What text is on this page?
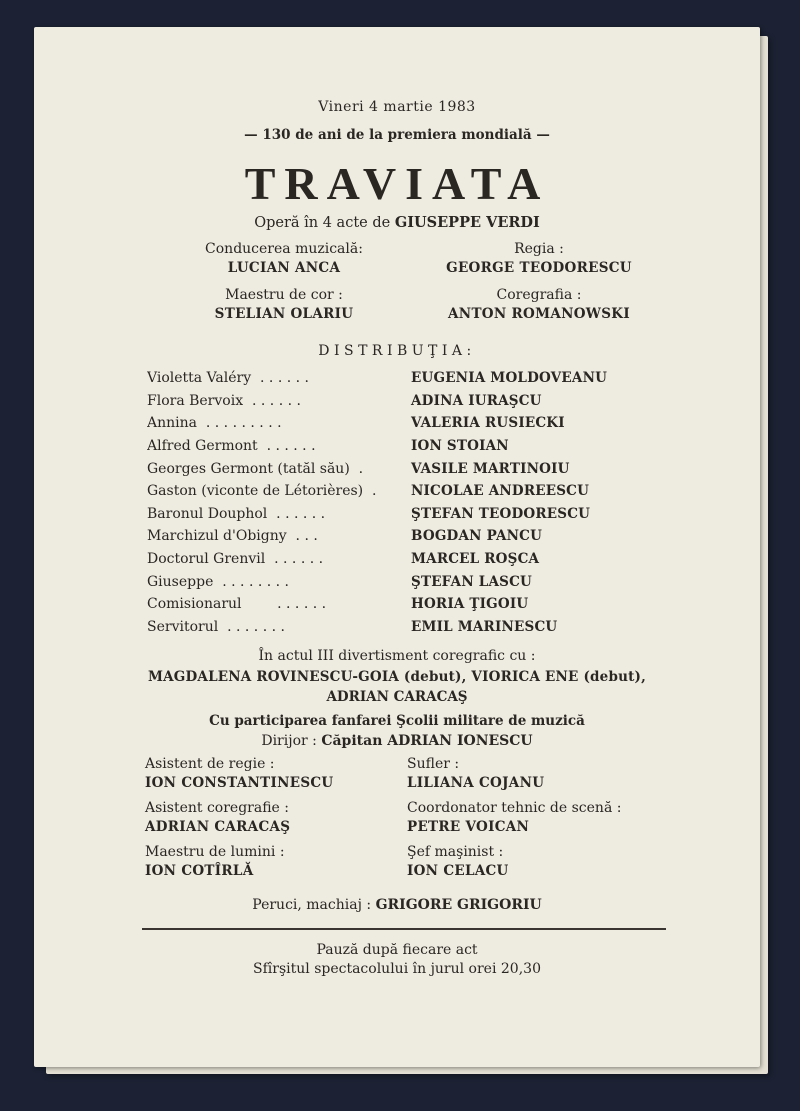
Vineri 4 martie 1983
— 130 de ani de la premiera mondială —
TRAVIATA
Operă în 4 acte de GIUSEPPE VERDI
Conducerea muzicală:
LUCIAN ANCA
Regia :
GEORGE TEODORESCU
Maestru de cor :
STELIAN OLARIU
Coregrafia :
ANTON ROMANOWSKI
DISTRIBUŢIA:
Violetta Valéry  . . . . . .	EUGENIA MOLDOVEANU
Flora Bervoix  . . . . . .	ADINA IURAŞCU
Annina  . . . . . . . . .	VALERIA RUSIECKI
Alfred Germont  . . . . . .	ION STOIAN
Georges Germont (tatăl său)  .	VASILE MARTINOIU
Gaston (viconte de Létorières)  .	NICOLAE ANDREESCU
Baronul Douphol  . . . . . .	ŞTEFAN TEODORESCU
Marchizul d'Obigny  . . .	BOGDAN PANCU
Doctorul Grenvil  . . . . . .	MARCEL ROŞCA
Giuseppe  . . . . . . . .	ŞTEFAN LASCU
Comisionarul        . . . . . .	HORIA ŢIGOIU
Servitorul  . . . . . . .	EMIL MARINESCU
În actul III divertisment coregrafic cu :
MAGDALENA ROVINESCU-GOIA (debut), VIORICA ENE (debut),
ADRIAN CARACAŞ
Cu participarea fanfarei Şcolii militare de muzică
Dirijor : Căpitan ADRIAN IONESCU
Asistent de regie :
ION CONSTANTINESCU
Sufler :
LILIANA COJANU
Asistent coregrafie :
ADRIAN CARACAŞ
Coordonator tehnic de scenă :
PETRE VOICAN
Maestru de lumini :
ION COTÎRLĂ
Şef maşinist :
ION CELACU
Peruci, machiaj : GRIGORE GRIGORIU
Pauză după fiecare act
Sfîrşitul spectacolului în jurul orei 20,30
